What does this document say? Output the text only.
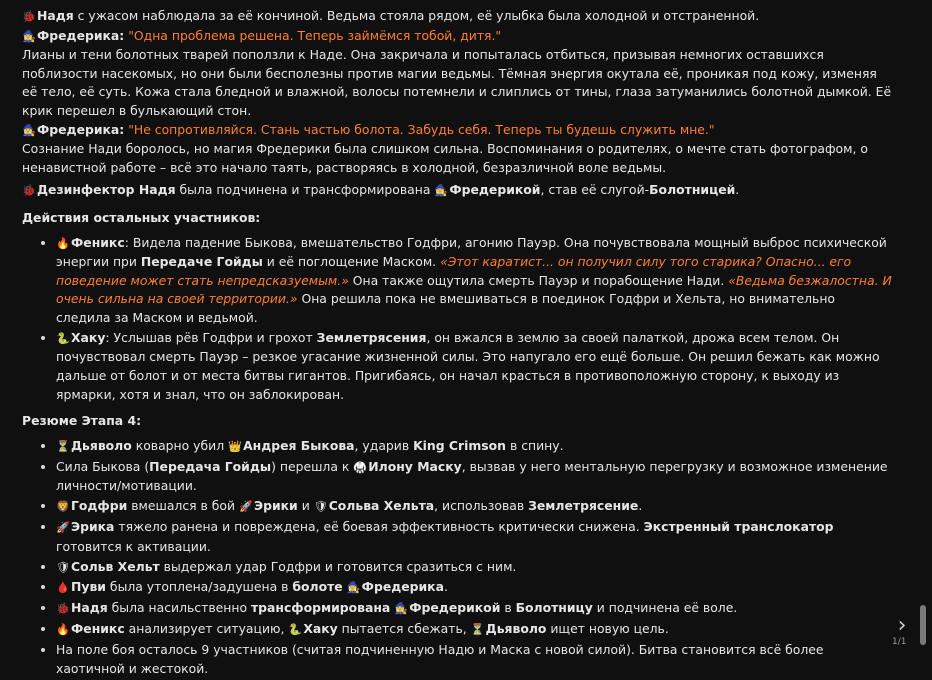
🐞Надя с ужасом наблюдала за её кончиной. Ведьма стояла рядом, её улыбка была холодной и отстраненной.

🧙‍♀️Фредерика: "Одна проблема решена. Теперь займёмся тобой, дитя."

Лианы и тени болотных тварей поползли к Наде. Она закричала и попыталась отбиться, призывая немногих оставшихся поблизости насекомых, но они были бесполезны против магии ведьмы. Тёмная энергия окутала её, проникая под кожу, изменяя её тело, её суть. Кожа стала бледной и влажной, волосы потемнели и слиплись от тины, глаза затуманились болотной дымкой. Её крик перешел в булькающий стон.

🧙‍♀️Фредерика: "Не сопротивляйся. Стань частью болота. Забудь себя. Теперь ты будешь служить мне."

Сознание Нади боролось, но магия Фредерики была слишком сильна. Воспоминания о родителях, о мечте стать фотографом, о ненавистной работе – всё это начало таять, растворяясь в холодной, безразличной воле ведьмы.

🐞Дезинфектор Надя была подчинена и трансформирована 🧙‍♀️Фредерикой, став её слугой-Болотницей.

Действия остальных участников:

• 🔥Феникс: Видела падение Быкова, вмешательство Годфри, агонию Пауэр. Она почувствовала мощный выброс психической энергии при Передаче Гойды и её поглощение Маском. «Этот каратист... он получил силу того старика? Опасно... его поведение может стать непредсказуемым.» Она также ощутила смерть Пауэр и порабощение Нади. «Ведьма безжалостна. И очень сильна на своей территории.» Она решила пока не вмешиваться в поединок Годфри и Хельта, но внимательно следила за Маском и ведьмой.
• 🐍Хаку: Услышав рёв Годфри и грохот Землетрясения, он вжался в землю за своей палаткой, дрожа всем телом. Он почувствовал смерть Пауэр – резкое угасание жизненной силы. Это напугало его ещё больше. Он решил бежать как можно дальше от болот и от места битвы гигантов. Пригибаясь, он начал красться в противоположную сторону, к выходу из ярмарки, хотя и знал, что он заблокирован.

Резюме Этапа 4:

• ⏳Дьяволо коварно убил 👑Андрея Быкова, ударив King Crimson в спину.
• Сила Быкова (Передача Гойды) перешла к 🥋Илону Маску, вызвав у него ментальную перегрузку и возможное изменение личности/мотивации.
• 🦁Годфри вмешался в бой 🚀Эрики и 🛡Сольва Хельта, использовав Землетрясение.
• 🚀Эрика тяжело ранена и повреждена, её боевая эффективность критически снижена. Экстренный транслокатор готовится к активации.
• 🛡Сольв Хельт выдержал удар Годфри и готовится сразиться с ним.
• 🩸Пуви была утоплена/задушена в болоте 🧙‍♀️Фредерика.
• 🐞Надя была насильственно трансформирована 🧙‍♀️Фредерикой в Болотницу и подчинена её воле.
• 🔥Феникс анализирует ситуацию, 🐍Хаку пытается сбежать, ⏳Дьяволо ищет новую цель.
• На поле боя осталось 9 участников (считая подчиненную Надю и Маска с новой силой). Битва становится всё более хаотичной и жестокой.
›
1/1
